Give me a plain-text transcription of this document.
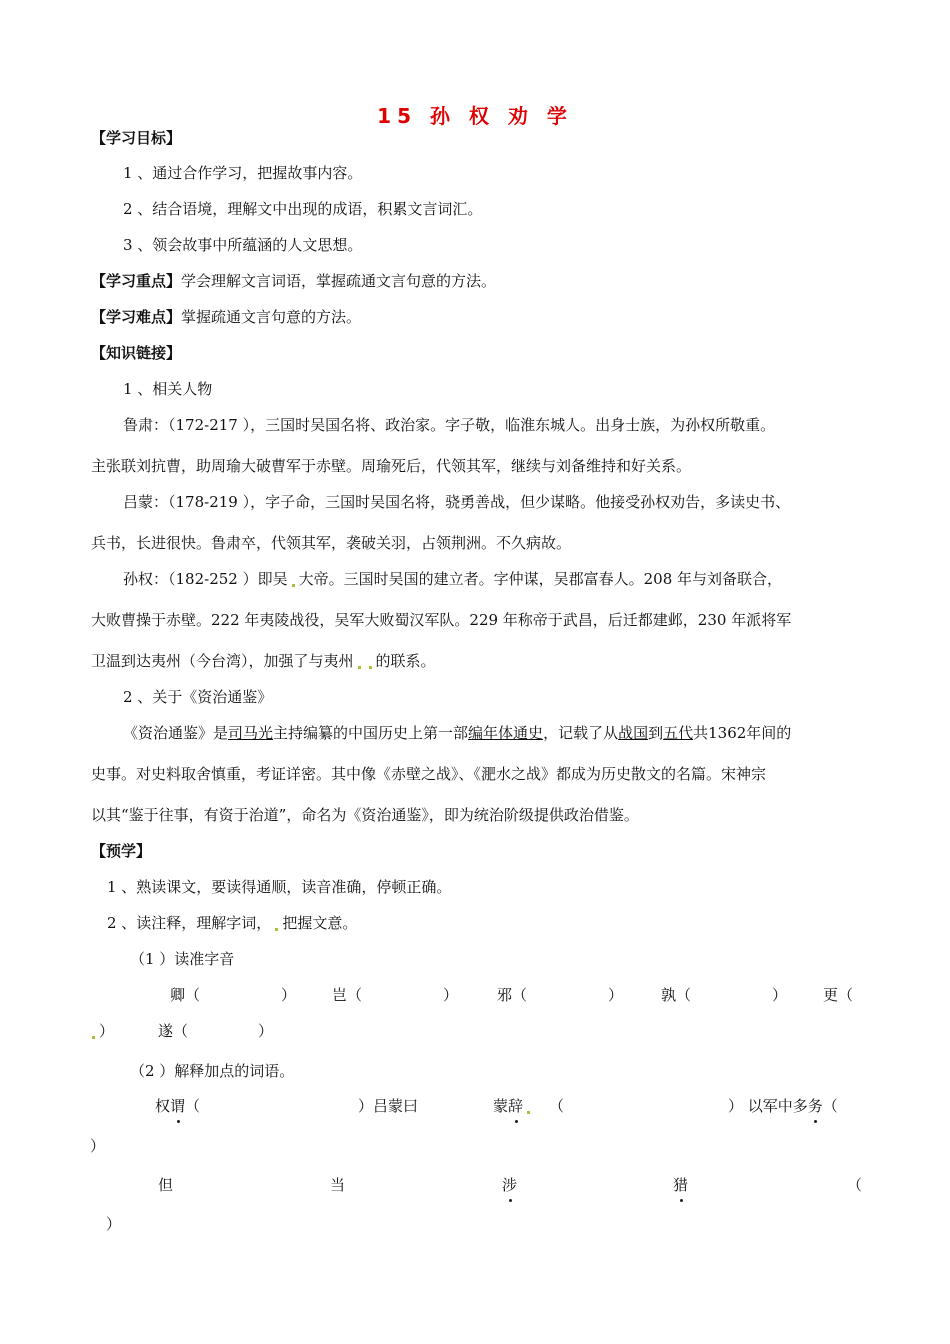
15 孙 权 劝 学
【学习目标】
1 、通过合作学习，把握故事内容。
2 、结合语境，理解文中出现的成语，积累文言词汇。
3 、领会故事中所蕴涵的人文思想。
【学习重点】学会理解文言词语，掌握疏通文言句意的方法。
【学习难点】掌握疏通文言句意的方法。
【知识链接】
1 、相关人物
鲁肃：（172-217 ），三国时吴国名将、政治家。字子敬，临淮东城人。出身士族，为孙权所敬重。
主张联刘抗曹，助周瑜大破曹军于赤壁。周瑜死后，代领其军，继续与刘备维持和好关系。
吕蒙：（178-219 ），字子命，三国时吴国名将，骁勇善战，但少谋略。他接受孙权劝告，多读史书、
兵书，长进很快。鲁肃卒，代领其军，袭破关羽，占领荆洲。不久病故。
孙权：（182-252 ）即吴 大帝。三国时吴国的建立者。字仲谋，吴郡富春人。208 年与刘备联合，
大败曹操于赤壁。222 年夷陵战役，吴军大败蜀汉军队。229 年称帝于武昌，后迁都建邺，230 年派将军
卫温到达夷州（今台湾），加强了与夷州 的联系。
2 、关于《资治通鉴》
《资治通鉴》是司马光主持编纂的中国历史上第一部编年体通史，记载了从战国到五代共1362年间的
史事。对史料取舍慎重，考证详密。其中像《赤壁之战》、《淝水之战》都成为历史散文的名篇。宋神宗
以其“鉴于往事，有资于治道”，命名为《资治通鉴》，即为统治阶级提供政治借鉴。
【预学】
1 、熟读课文，要读得通顺，读音准确，停顿正确。
2 、读注释，理解字词， 把握文意。
（1 ）读准字音
卿（	） 岂（	）	邪（	）	孰（	） 更（
）	遂（	）
（2 ）解释加点的词语。
权谓（	）吕蒙曰	蒙辞	（	） 以军中多务（
）
但	当	涉	猎	（
）
